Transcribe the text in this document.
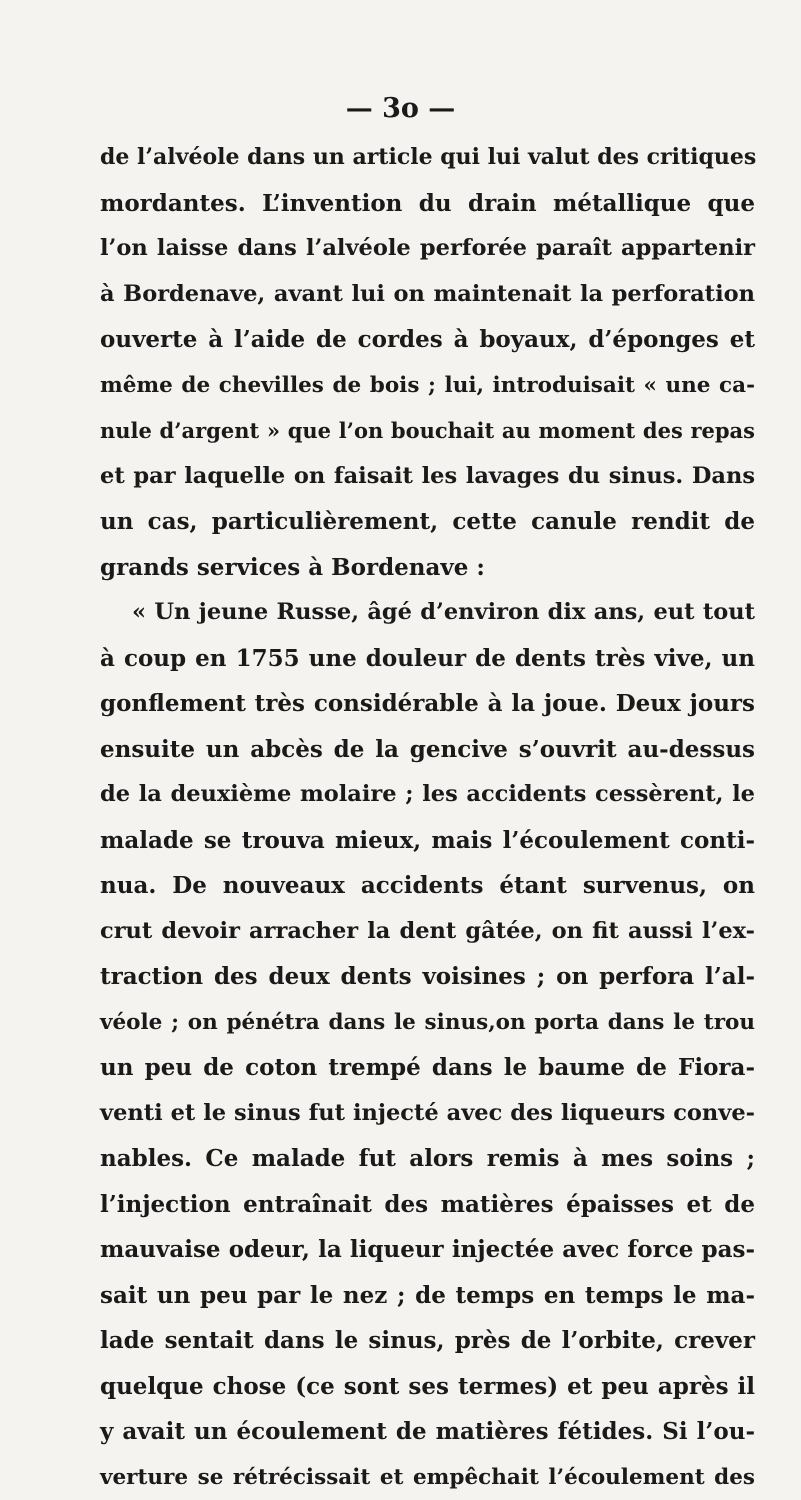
— 3o —
de l’alvéole dans un article qui lui valut des critiques
mordantes. L’invention du drain métallique que
l’on laisse dans l’alvéole perforée paraît appartenir
à Bordenave, avant lui on maintenait la perforation
ouverte à l’aide de cordes à boyaux, d’éponges et
même de chevilles de bois ; lui, introduisait « une ca-
nule d’argent » que l’on bouchait au moment des repas
et par laquelle on faisait les lavages du sinus. Dans
un cas, particulièrement, cette canule rendit de
grands services à Bordenave :
« Un jeune Russe, âgé d’environ dix ans, eut tout
à coup en 1755 une douleur de dents très vive, un
gonflement très considérable à la joue. Deux jours
ensuite un abcès de la gencive s’ouvrit au-dessus
de la deuxième molaire ; les accidents cessèrent, le
malade se trouva mieux, mais l’écoulement conti-
nua. De nouveaux accidents étant survenus, on
crut devoir arracher la dent gâtée, on fit aussi l’ex-
traction des deux dents voisines ; on perfora l’al-
véole ; on pénétra dans le sinus,on porta dans le trou
un peu de coton trempé dans le baume de Fiora-
venti et le sinus fut injecté avec des liqueurs conve-
nables. Ce malade fut alors remis à mes soins ;
l’injection entraînait des matières épaisses et de
mauvaise odeur, la liqueur injectée avec force pas-
sait un peu par le nez ; de temps en temps le ma-
lade sentait dans le sinus, près de l’orbite, crever
quelque chose (ce sont ses termes) et peu après il
y avait un écoulement de matières fétides. Si l’ou-
verture se rétrécissait et empêchait l’écoulement des
